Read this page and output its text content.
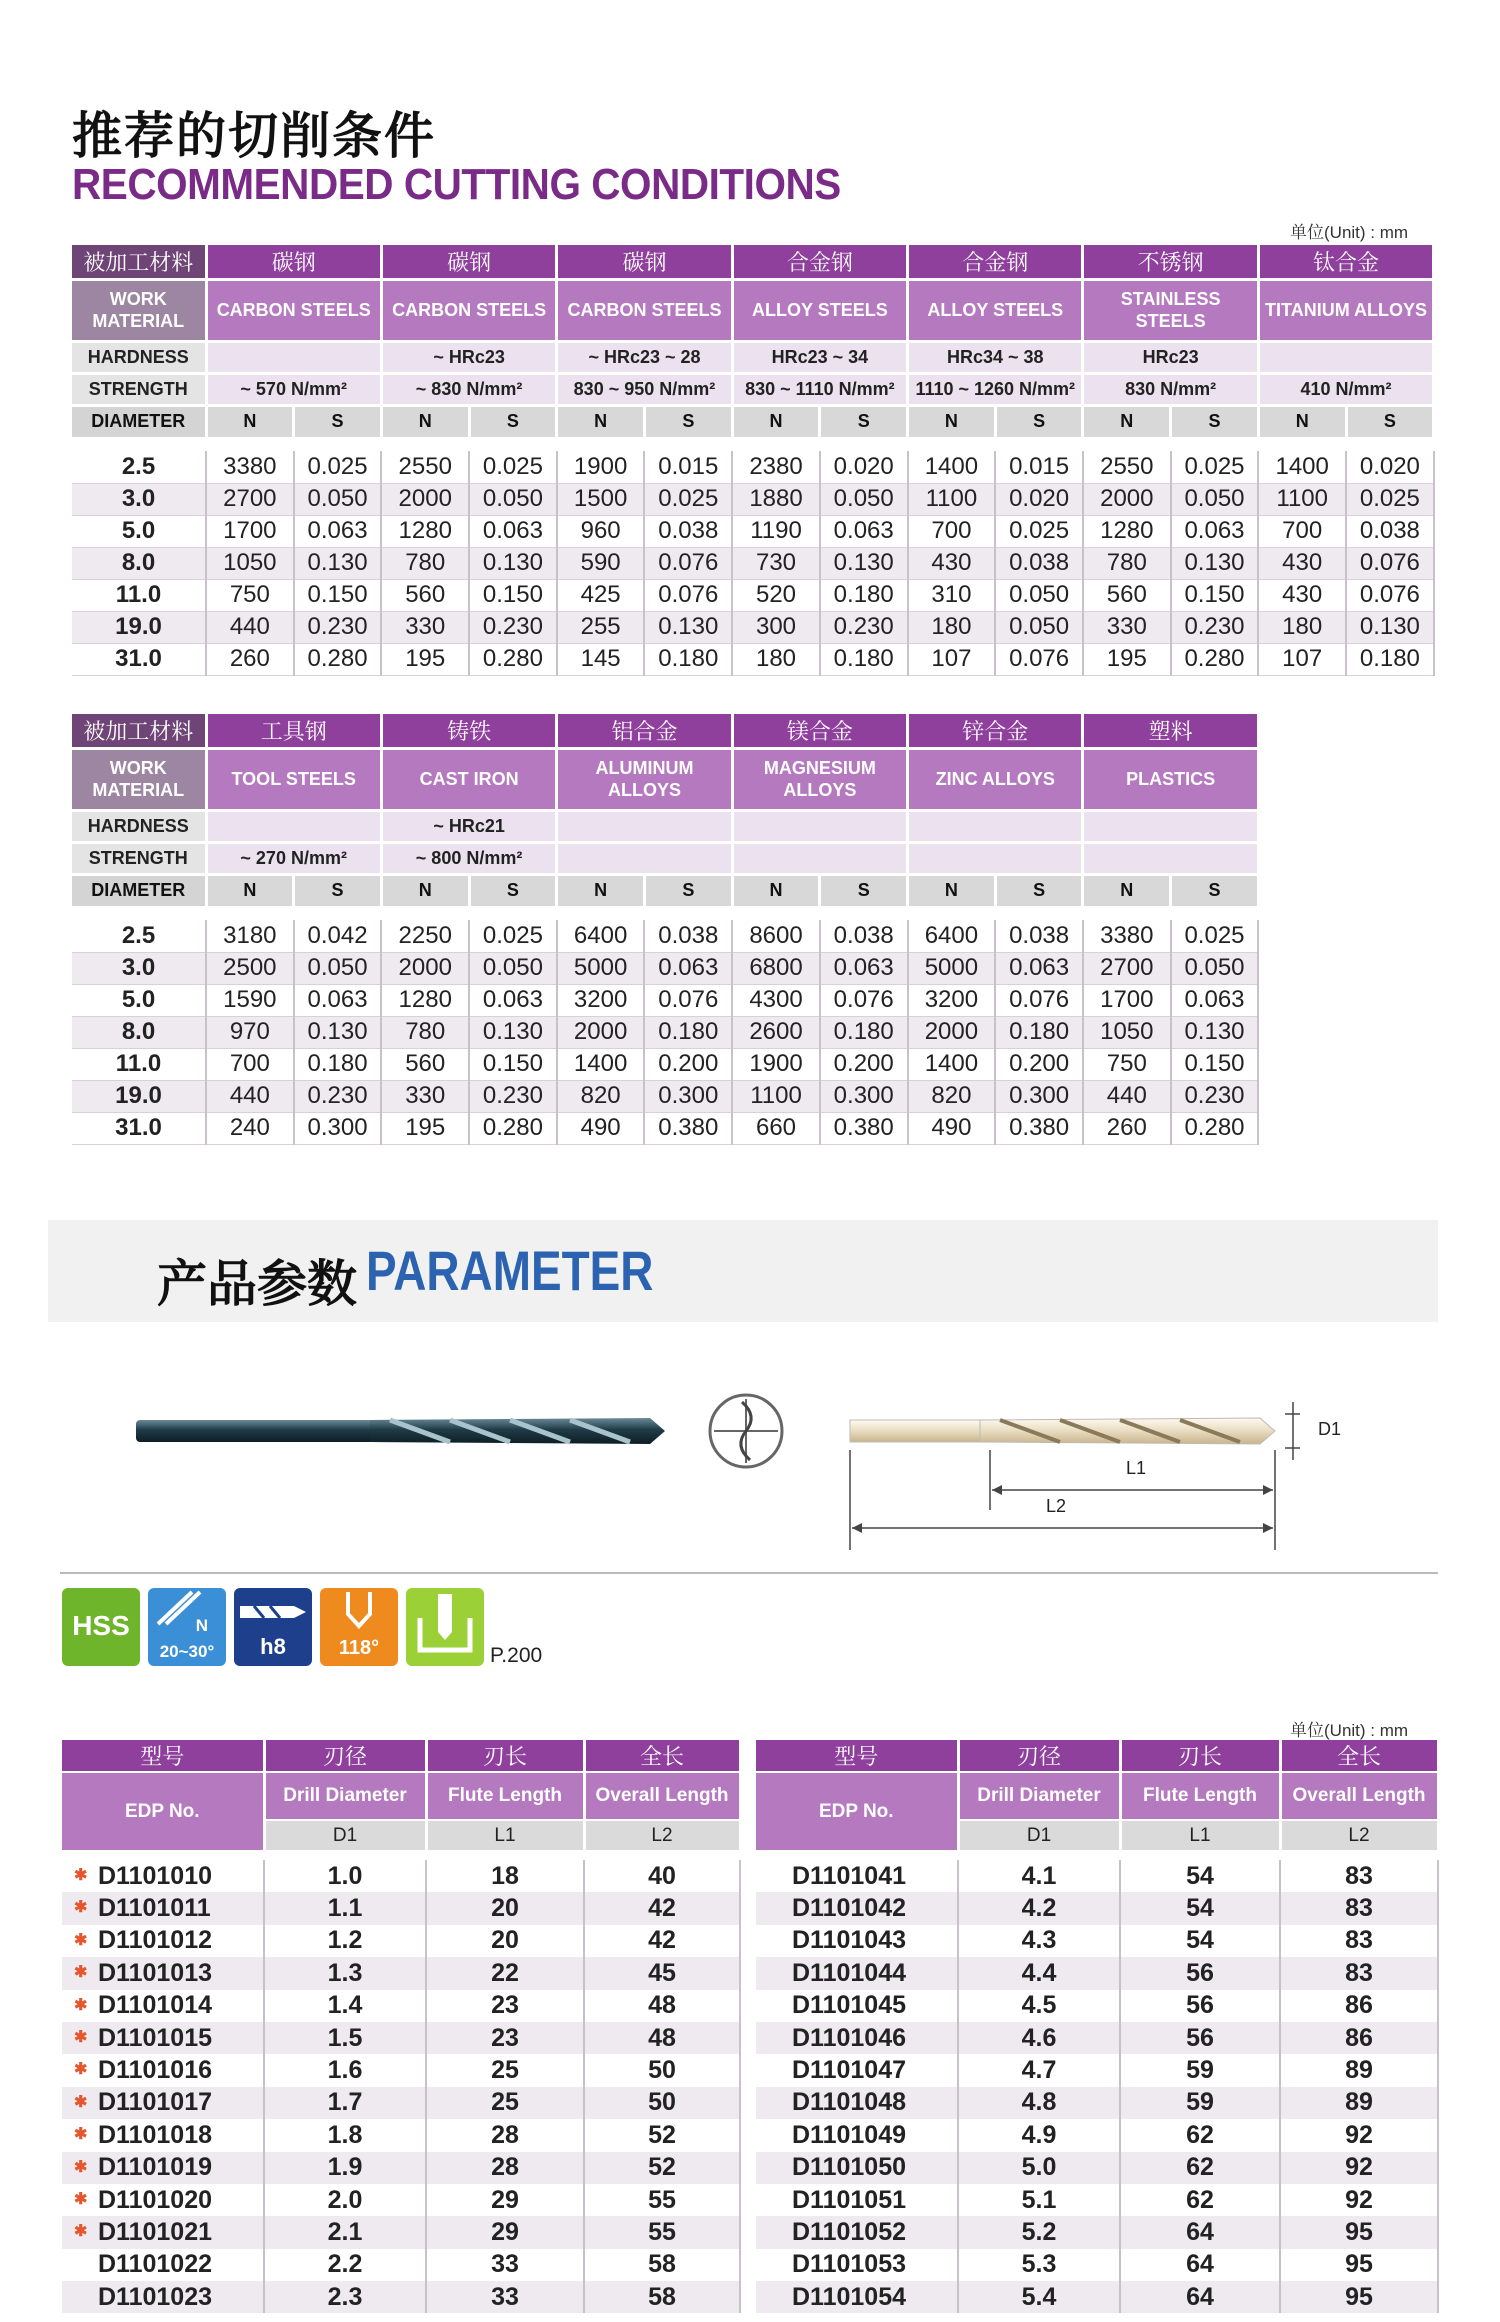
推荐的切削条件
RECOMMENDED CUTTING CONDITIONS
单位(Unit) : mm
被加工材料	碳钢		碳钢		碳钢		合金钢		合金钢		不锈钢		钛合金	
WORK MATERIAL	CARBON STEELS		CARBON STEELS		CARBON STEELS		ALLOY STEELS		ALLOY STEELS		STAINLESS STEELS		TITANIUM ALLOYS	
HARDNESS			~ HRc23		~ HRc23 ~ 28		HRc23 ~ 34		HRc34 ~ 38		HRc23			
STRENGTH	~ 570 N/mm²		~ 830 N/mm²		830 ~ 950 N/mm²		830 ~ 1110 N/mm²		1110 ~ 1260 N/mm²		830 N/mm²		410 N/mm²	
DIAMETER	N	S	N	S	N	S	N	S	N	S	N	S	N	S

2.5	3380	0.025	2550	0.025	1900	0.015	2380	0.020	1400	0.015	2550	0.025	1400	0.020
3.0	2700	0.050	2000	0.050	1500	0.025	1880	0.050	1100	0.020	2000	0.050	1100	0.025
5.0	1700	0.063	1280	0.063	960	0.038	1190	0.063	700	0.025	1280	0.063	700	0.038
8.0	1050	0.130	780	0.130	590	0.076	730	0.130	430	0.038	780	0.130	430	0.076
11.0	750	0.150	560	0.150	425	0.076	520	0.180	310	0.050	560	0.150	430	0.076
19.0	440	0.230	330	0.230	255	0.130	300	0.230	180	0.050	330	0.230	180	0.130
31.0	260	0.280	195	0.280	145	0.180	180	0.180	107	0.076	195	0.280	107	0.180
被加工材料	工具钢		铸铁		铝合金		镁合金		锌合金		塑料	
WORK MATERIAL	TOOL STEELS		CAST IRON		ALUMINUM ALLOYS		MAGNESIUM ALLOYS		ZINC ALLOYS		PLASTICS	
HARDNESS			~ HRc21									
STRENGTH	~ 270 N/mm²		~ 800 N/mm²									
DIAMETER	N	S	N	S	N	S	N	S	N	S	N	S

2.5	3180	0.042	2250	0.025	6400	0.038	8600	0.038	6400	0.038	3380	0.025
3.0	2500	0.050	2000	0.050	5000	0.063	6800	0.063	5000	0.063	2700	0.050
5.0	1590	0.063	1280	0.063	3200	0.076	4300	0.076	3200	0.076	1700	0.063
8.0	970	0.130	780	0.130	2000	0.180	2600	0.180	2000	0.180	1050	0.130
11.0	700	0.180	560	0.150	1400	0.200	1900	0.200	1400	0.200	750	0.150
19.0	440	0.230	330	0.230	820	0.300	1100	0.300	820	0.300	440	0.230
31.0	240	0.300	195	0.280	490	0.380	660	0.380	490	0.380	260	0.280
产品参数 PARAMETER
D1
L1
L2
HSS	N
20~30°	h8	118°	P.200
单位(Unit) : mm
型号	刃径	刃长	全长
EDP No.	Drill Diameter	Flute Length	Overall Length
	D1	L1	L2

✱ D1101010	1.0	18	40

✱ D1101011	1.1	20	42

✱ D1101012	1.2	20	42

✱ D1101013	1.3	22	45

✱ D1101014	1.4	23	48

✱ D1101015	1.5	23	48

✱ D1101016	1.6	25	50

✱ D1101017	1.7	25	50

✱ D1101018	1.8	28	52

✱ D1101019	1.9	28	52

✱ D1101020	2.0	29	55

✱ D1101021	2.1	29	55
D1101022	2.2	33	58
D1101023	2.3	33	58
型号	刃径	刃长	全长
EDP No.	Drill Diameter	Flute Length	Overall Length
	D1	L1	L2

D1101041	4.1	54	83
D1101042	4.2	54	83
D1101043	4.3	54	83
D1101044	4.4	56	83
D1101045	4.5	56	86
D1101046	4.6	56	86
D1101047	4.7	59	89
D1101048	4.8	59	89
D1101049	4.9	62	92
D1101050	5.0	62	92
D1101051	5.1	62	92
D1101052	5.2	64	95
D1101053	5.3	64	95
D1101054	5.4	64	95
